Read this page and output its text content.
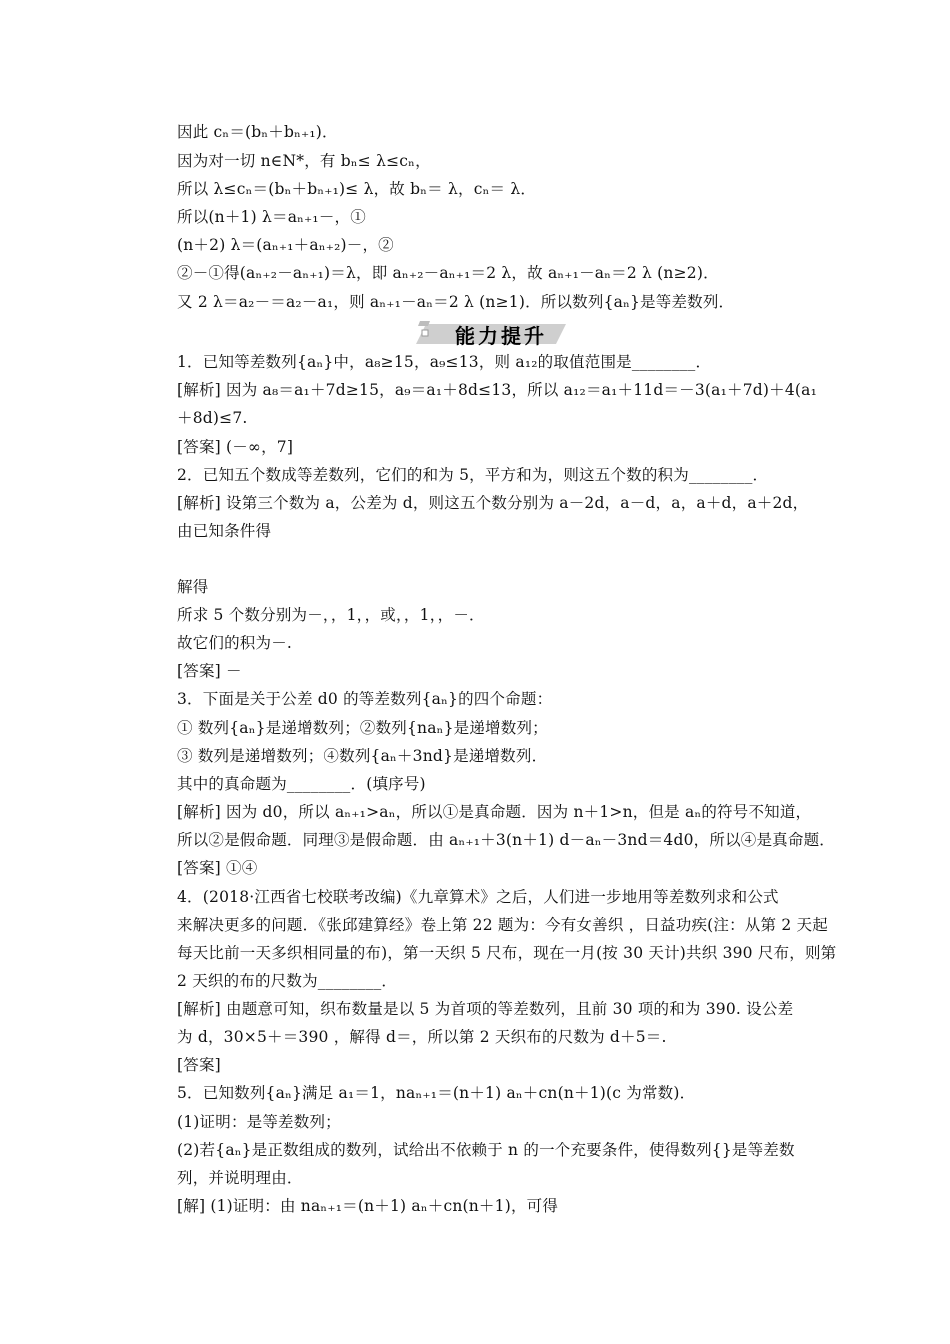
因此 cₙ＝(bₙ＋bₙ₊₁)．
因为对一切 n∈N*，有 bₙ≤ λ≤cₙ，
所以 λ≤cₙ＝(bₙ＋bₙ₊₁)≤ λ，故 bₙ＝ λ，cₙ＝ λ．
所以(n＋1) λ＝aₙ₊₁－，①
(n＋2) λ＝(aₙ₊₁＋aₙ₊₂)－，②
②－①得(aₙ₊₂－aₙ₊₁)＝λ，即 aₙ₊₂－aₙ₊₁＝2 λ，故 aₙ₊₁－aₙ＝2 λ (n≥2)．
又 2 λ＝a₂－＝a₂－a₁，则 aₙ₊₁－aₙ＝2 λ (n≥1)．所以数列{aₙ}是等差数列．
能力提升
1．已知等差数列{aₙ}中，a₈≥15，a₉≤13，则 a₁₂的取值范围是________．
[解析] 因为 a₈＝a₁＋7d≥15，a₉＝a₁＋8d≤13，所以 a₁₂＝a₁＋11d＝－3(a₁＋7d)＋4(a₁
＋8d)≤7.
[答案] (－∞，7]
2．已知五个数成等差数列，它们的和为 5，平方和为，则这五个数的积为________．
[解析] 设第三个数为 a，公差为 d，则这五个数分别为 a－2d，a－d，a，a＋d，a＋2d，
由已知条件得
解得
所求 5 个数分别为－，，1，，或，，1，，－．
故它们的积为－.
[答案] －
3．下面是关于公差 d0 的等差数列{aₙ}的四个命题：
① 数列{aₙ}是递增数列；②数列{naₙ}是递增数列；
③ 数列是递增数列；④数列{aₙ＋3nd}是递增数列．
其中的真命题为________．(填序号)
[解析] 因为 d0，所以 aₙ₊₁>aₙ，所以①是真命题．因为 n＋1>n，但是 aₙ的符号不知道，
所以②是假命题．同理③是假命题．由 aₙ₊₁＋3(n＋1) d－aₙ－3nd＝4d0，所以④是真命题．
[答案] ①④
4．(2018·江西省七校联考改编)《九章算术》之后，人们进一步地用等差数列求和公式
来解决更多的问题．《张邱建算经》卷上第 22 题为：今有女善织 ，日益功疾(注：从第 2 天起
每天比前一天多织相同量的布)，第一天织 5 尺布，现在一月(按 30 天计)共织 390 尺布，则第
2 天织的布的尺数为________．
[解析] 由题意可知，织布数量是以 5 为首项的等差数列，且前 30 项的和为 390. 设公差
为 d，30×5＋＝390 ，解得 d＝，所以第 2 天织布的尺数为 d＋5＝.
[答案]
5．已知数列{aₙ}满足 a₁＝1，naₙ₊₁＝(n＋1) aₙ＋cn(n＋1)(c 为常数)．
(1)证明：是等差数列；
(2)若{aₙ}是正数组成的数列，试给出不依赖于 n 的一个充要条件，使得数列{}是等差数
列，并说明理由．
[解] (1)证明：由 naₙ₊₁＝(n＋1) aₙ＋cn(n＋1)，可得
